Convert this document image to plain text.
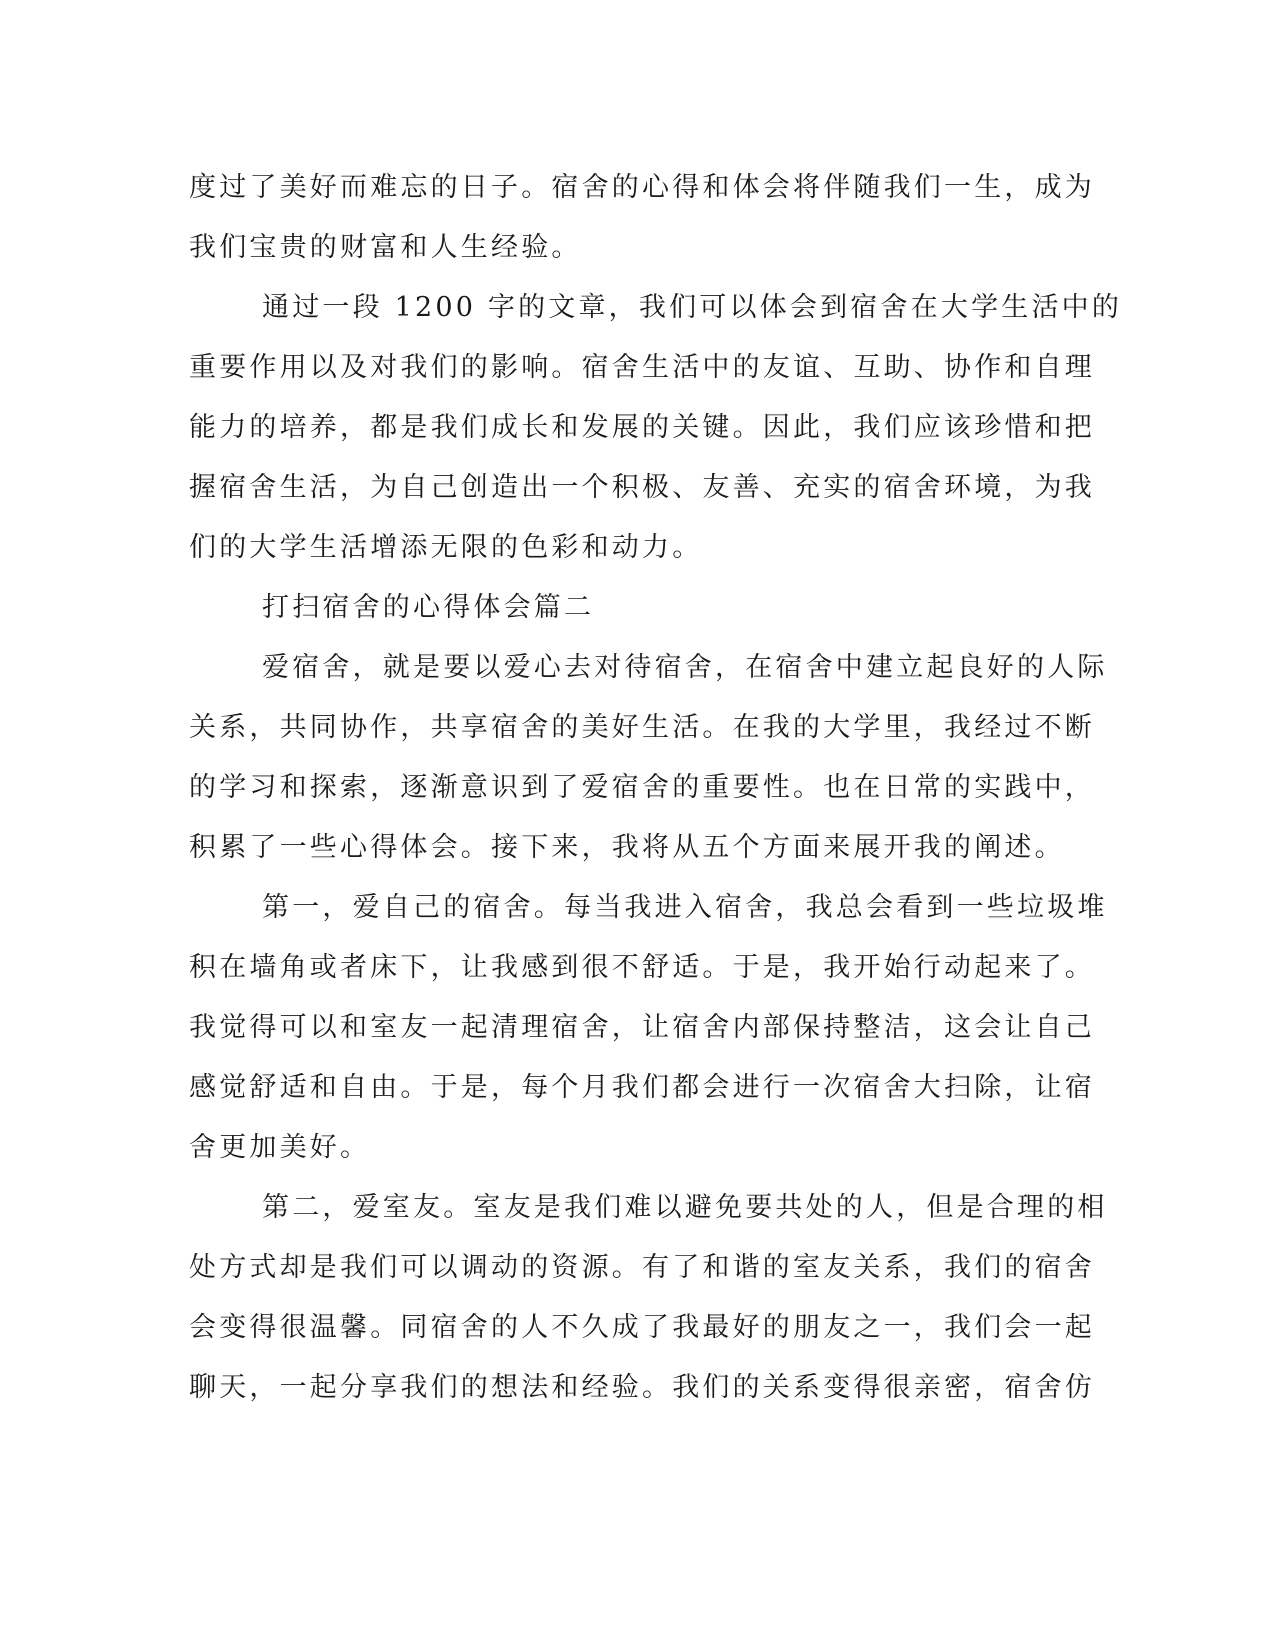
度过了美好而难忘的日子。宿舍的心得和体会将伴随我们一生，成为
我们宝贵的财富和人生经验。
通过一段 1200 字的文章，我们可以体会到宿舍在大学生活中的
重要作用以及对我们的影响。宿舍生活中的友谊、互助、协作和自理
能力的培养，都是我们成长和发展的关键。因此，我们应该珍惜和把
握宿舍生活，为自己创造出一个积极、友善、充实的宿舍环境，为我
们的大学生活增添无限的色彩和动力。
打扫宿舍的心得体会篇二
爱宿舍，就是要以爱心去对待宿舍，在宿舍中建立起良好的人际
关系，共同协作，共享宿舍的美好生活。在我的大学里，我经过不断
的学习和探索，逐渐意识到了爱宿舍的重要性。也在日常的实践中，
积累了一些心得体会。接下来，我将从五个方面来展开我的阐述。
第一，爱自己的宿舍。每当我进入宿舍，我总会看到一些垃圾堆
积在墙角或者床下，让我感到很不舒适。于是，我开始行动起来了。
我觉得可以和室友一起清理宿舍，让宿舍内部保持整洁，这会让自己
感觉舒适和自由。于是，每个月我们都会进行一次宿舍大扫除，让宿
舍更加美好。
第二，爱室友。室友是我们难以避免要共处的人，但是合理的相
处方式却是我们可以调动的资源。有了和谐的室友关系，我们的宿舍
会变得很温馨。同宿舍的人不久成了我最好的朋友之一，我们会一起
聊天，一起分享我们的想法和经验。我们的关系变得很亲密，宿舍仿
